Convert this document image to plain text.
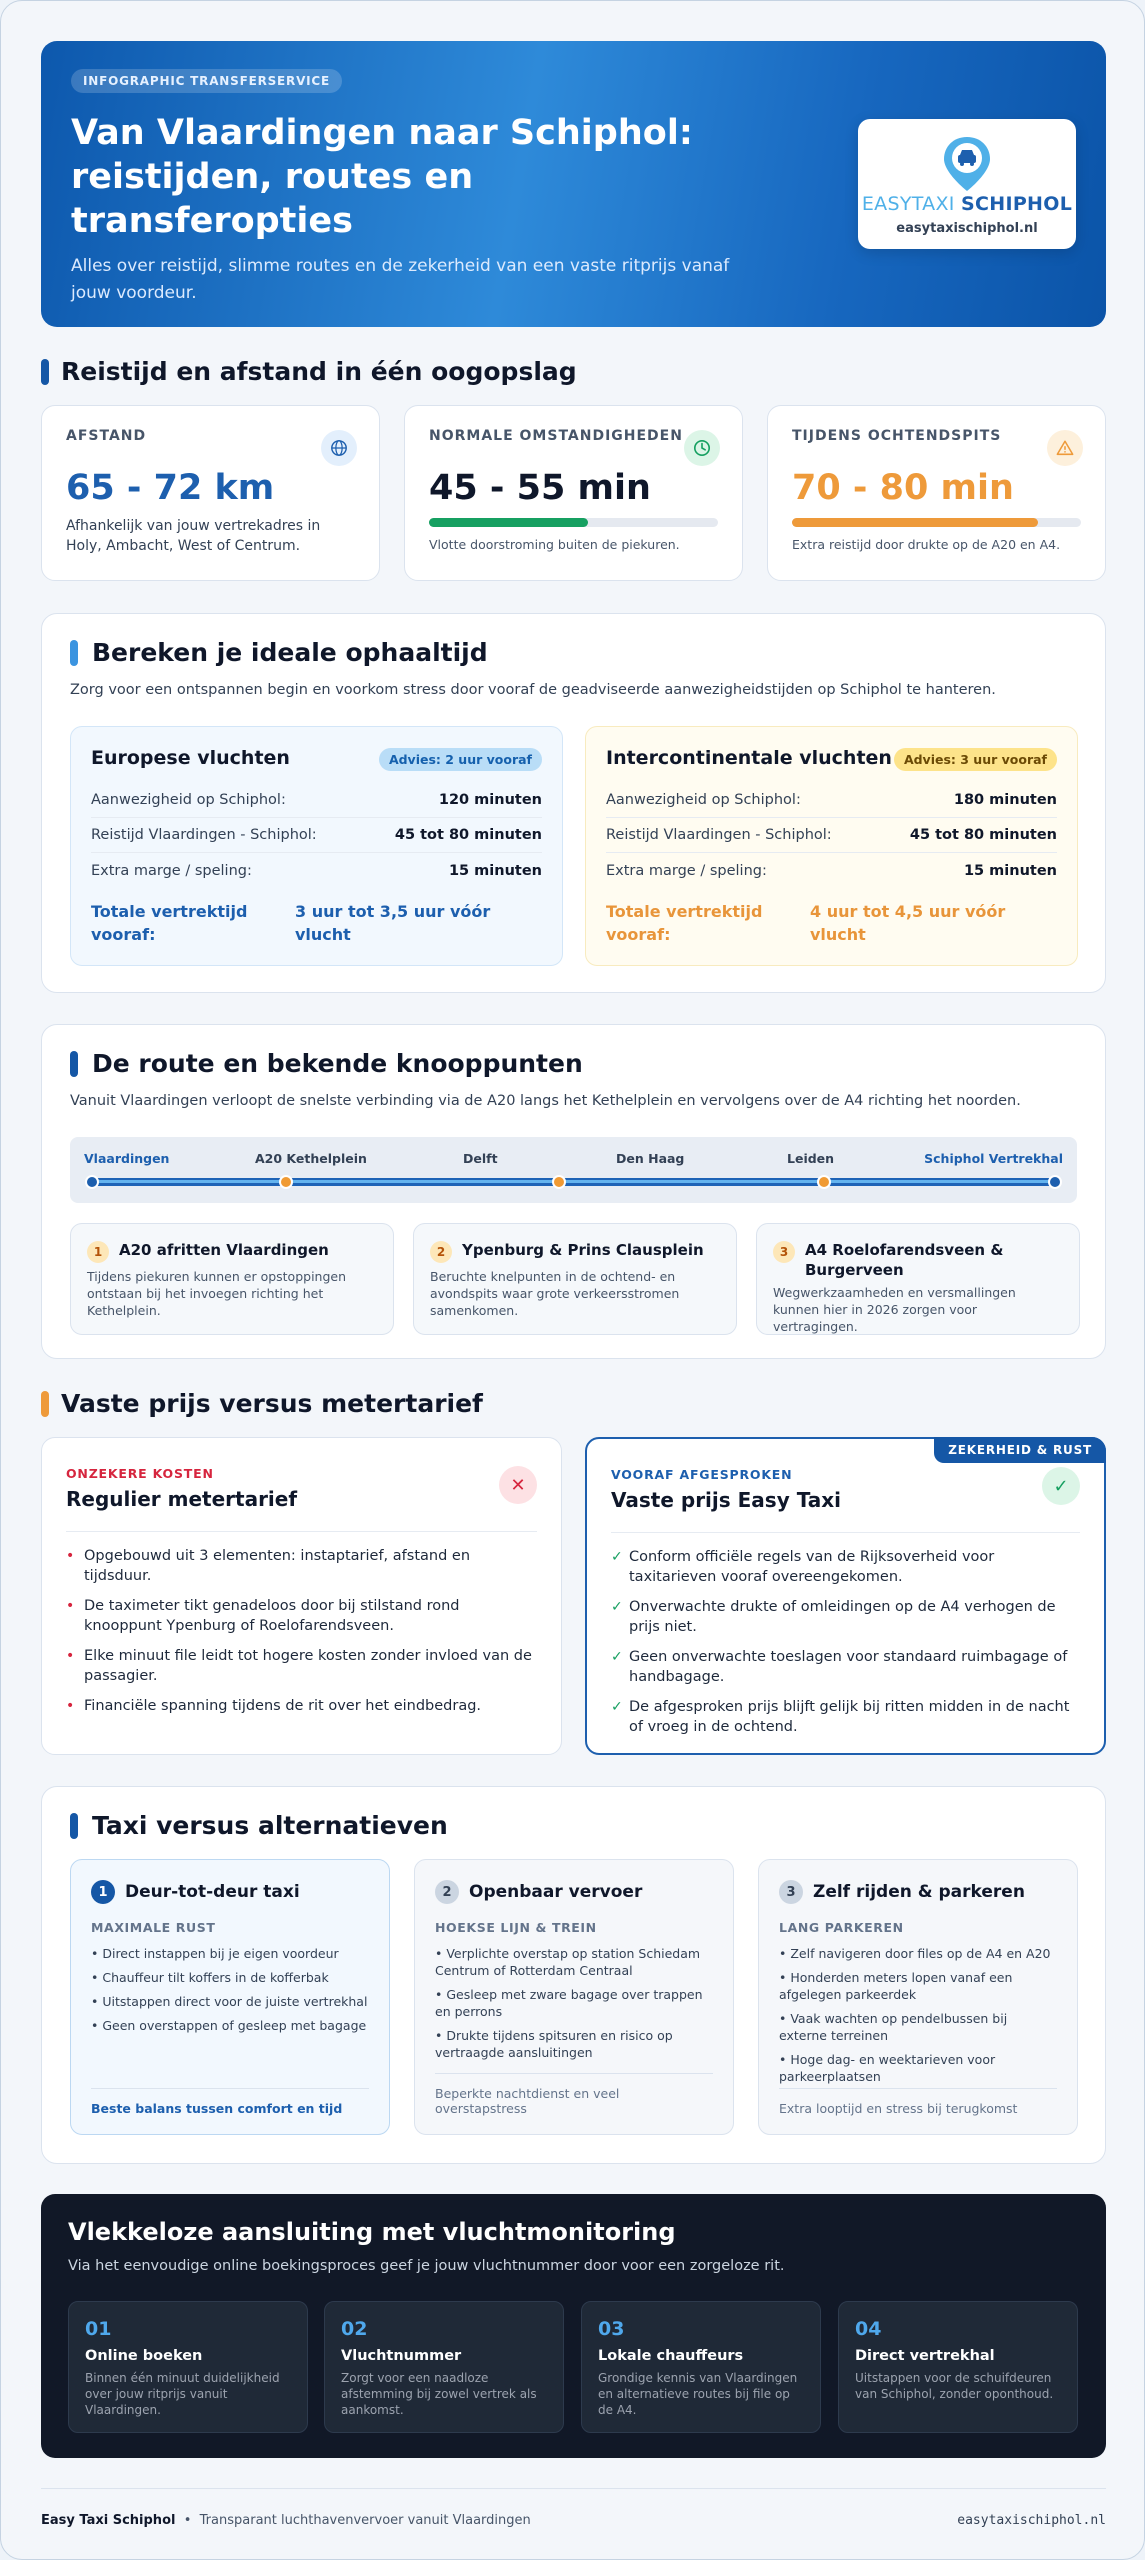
INFOGRAPHIC TRANSFERSERVICE
Van Vlaardingen naar Schiphol: reistijden, routes en transferopties
Alles over reistijd, slimme routes en de zekerheid van een vaste ritprijs vanaf jouw voordeur.
EASYTAXI SCHIPHOL
easytaxischiphol.nl
Reistijd en afstand in één oogopslag
AFSTAND
65 - 72 km
Afhankelijk van jouw vertrekadres in Holy, Ambacht, West of Centrum.
NORMALE OMSTANDIGHEDEN
45 - 55 min
Vlotte doorstroming buiten de piekuren.
TIJDENS OCHTENDSPITS
70 - 80 min
Extra reistijd door drukte op de A20 en A4.
Bereken je ideale ophaaltijd
Zorg voor een ontspannen begin en voorkom stress door vooraf de geadviseerde aanwezigheidstijden op Schiphol te hanteren.
Europese vluchten	Advies: 2 uur vooraf
Aanwezigheid op Schiphol:	120 minuten
Reistijd Vlaardingen - Schiphol:	45 tot 80 minuten
Extra marge / speling:	15 minuten
Totale vertrektijd vooraf:
3 uur tot 3,5 uur vóór vlucht
Intercontinentale vluchten Advies: 3 uur vooraf
Aanwezigheid op Schiphol:	180 minuten
Reistijd Vlaardingen - Schiphol:	45 tot 80 minuten
Extra marge / speling:	15 minuten
Totale vertrektijd vooraf:
4 uur tot 4,5 uur vóór vlucht
De route en bekende knooppunten
Vanuit Vlaardingen verloopt de snelste verbinding via de A20 langs het Kethelplein en vervolgens over de A4 richting het noorden.
Vlaardingen	A20 Kethelplein	Delft	Den Haag	Leiden	Schiphol Vertrekhal
1	A20 afritten Vlaardingen

Tijdens piekuren kunnen er opstoppingen ontstaan bij het invoegen richting het Kethelplein.

2	Ypenburg & Prins Clausplein

Beruchte knelpunten in de ochtend- en avondspits waar grote verkeersstromen samenkomen.

3	A4 Roelofarendsveen & Burgerveen

Wegwerkzaamheden en versmallingen kunnen hier in 2026 zorgen voor vertragingen.

Vaste prijs versus metertarief
ONZEKERE KOSTEN
Regulier metertarief
✕
• Opgebouwd uit 3 elementen: instaptarief, afstand en tijdsduur.
• De taximeter tikt genadeloos door bij stilstand rond knooppunt Ypenburg of Roelofarendsveen.
• Elke minuut file leidt tot hogere kosten zonder invloed van de passagier.
• Financiële spanning tijdens de rit over het eindbedrag.
ZEKERHEID & RUST
VOORAF AFGESPROKEN
Vaste prijs Easy Taxi
✓
✓ Conform officiële regels van de Rijksoverheid voor taxitarieven vooraf overeengekomen.
✓ Onverwachte drukte of omleidingen op de A4 verhogen de prijs niet.
✓ Geen onverwachte toeslagen voor standaard ruimbagage of handbagage.
✓ De afgesproken prijs blijft gelijk bij ritten midden in de nacht of vroeg in de ochtend.
Taxi versus alternatieven
1	Deur-tot-deur taxi
MAXIMALE RUST
• Direct instappen bij je eigen voordeur
• Chauffeur tilt koffers in de kofferbak
• Uitstappen direct voor de juiste vertrekhal
• Geen overstappen of gesleep met bagage
Beste balans tussen comfort en tijd
2	Openbaar vervoer
HOEKSE LIJN & TREIN
• Verplichte overstap op station Schiedam Centrum of Rotterdam Centraal
• Gesleep met zware bagage over trappen en perrons
• Drukte tijdens spitsuren en risico op vertraagde aansluitingen
Beperkte nachtdienst en veel overstapstress
3	Zelf rijden & parkeren
LANG PARKEREN
• Zelf navigeren door files op de A4 en A20
• Honderden meters lopen vanaf een afgelegen parkeerdek
• Vaak wachten op pendelbussen bij externe terreinen
• Hoge dag- en weektarieven voor parkeerplaatsen
Extra looptijd en stress bij terugkomst
Vlekkeloze aansluiting met vluchtmonitoring
Via het eenvoudige online boekingsproces geef je jouw vluchtnummer door voor een zorgeloze rit.
01
Online boeken

Binnen één minuut duidelijkheid over jouw ritprijs vanuit Vlaardingen.

02
Vluchtnummer

Zorgt voor een naadloze afstemming bij zowel vertrek als aankomst.

03
Lokale chauffeurs

Grondige kennis van Vlaardingen en alternatieve routes bij file op de A4.

04
Direct vertrekhal

Uitstappen voor de schuifdeuren van Schiphol, zonder oponthoud.

Easy Taxi Schiphol • Transparant luchthavenvervoer vanuit Vlaardingen	easytaxischiphol.nl
